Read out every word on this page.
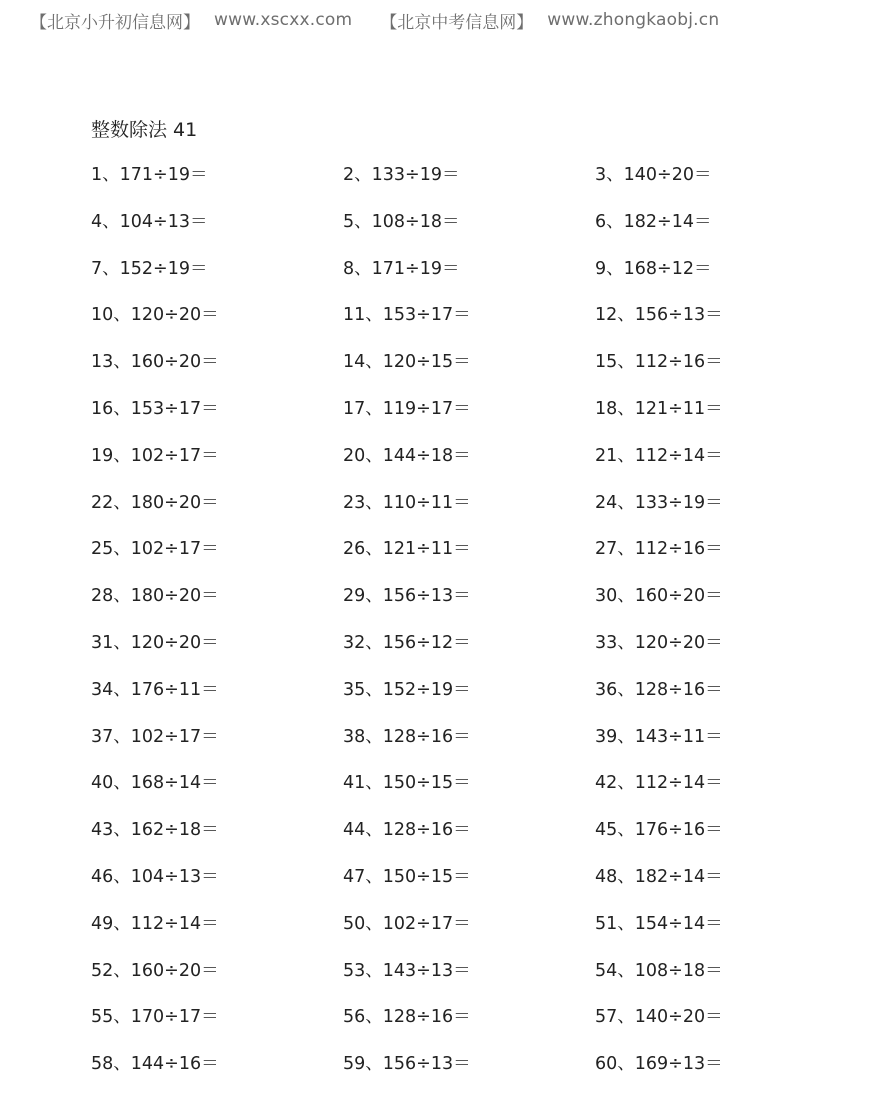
【北京小升初信息网】 www.xscxx.com 【北京中考信息网】 www.zhongkaobj.cn
整数除法 41
1、171÷19＝	2、133÷19＝	3、140÷20＝
4、104÷13＝	5、108÷18＝	6、182÷14＝
7、152÷19＝	8、171÷19＝	9、168÷12＝
10、120÷20＝	11、153÷17＝	12、156÷13＝
13、160÷20＝	14、120÷15＝	15、112÷16＝
16、153÷17＝	17、119÷17＝	18、121÷11＝
19、102÷17＝	20、144÷18＝	21、112÷14＝
22、180÷20＝	23、110÷11＝	24、133÷19＝
25、102÷17＝	26、121÷11＝	27、112÷16＝
28、180÷20＝	29、156÷13＝	30、160÷20＝
31、120÷20＝	32、156÷12＝	33、120÷20＝
34、176÷11＝	35、152÷19＝	36、128÷16＝
37、102÷17＝	38、128÷16＝	39、143÷11＝
40、168÷14＝	41、150÷15＝	42、112÷14＝
43、162÷18＝	44、128÷16＝	45、176÷16＝
46、104÷13＝	47、150÷15＝	48、182÷14＝
49、112÷14＝	50、102÷17＝	51、154÷14＝
52、160÷20＝	53、143÷13＝	54、108÷18＝
55、170÷17＝	56、128÷16＝	57、140÷20＝
58、144÷16＝	59、156÷13＝	60、169÷13＝
